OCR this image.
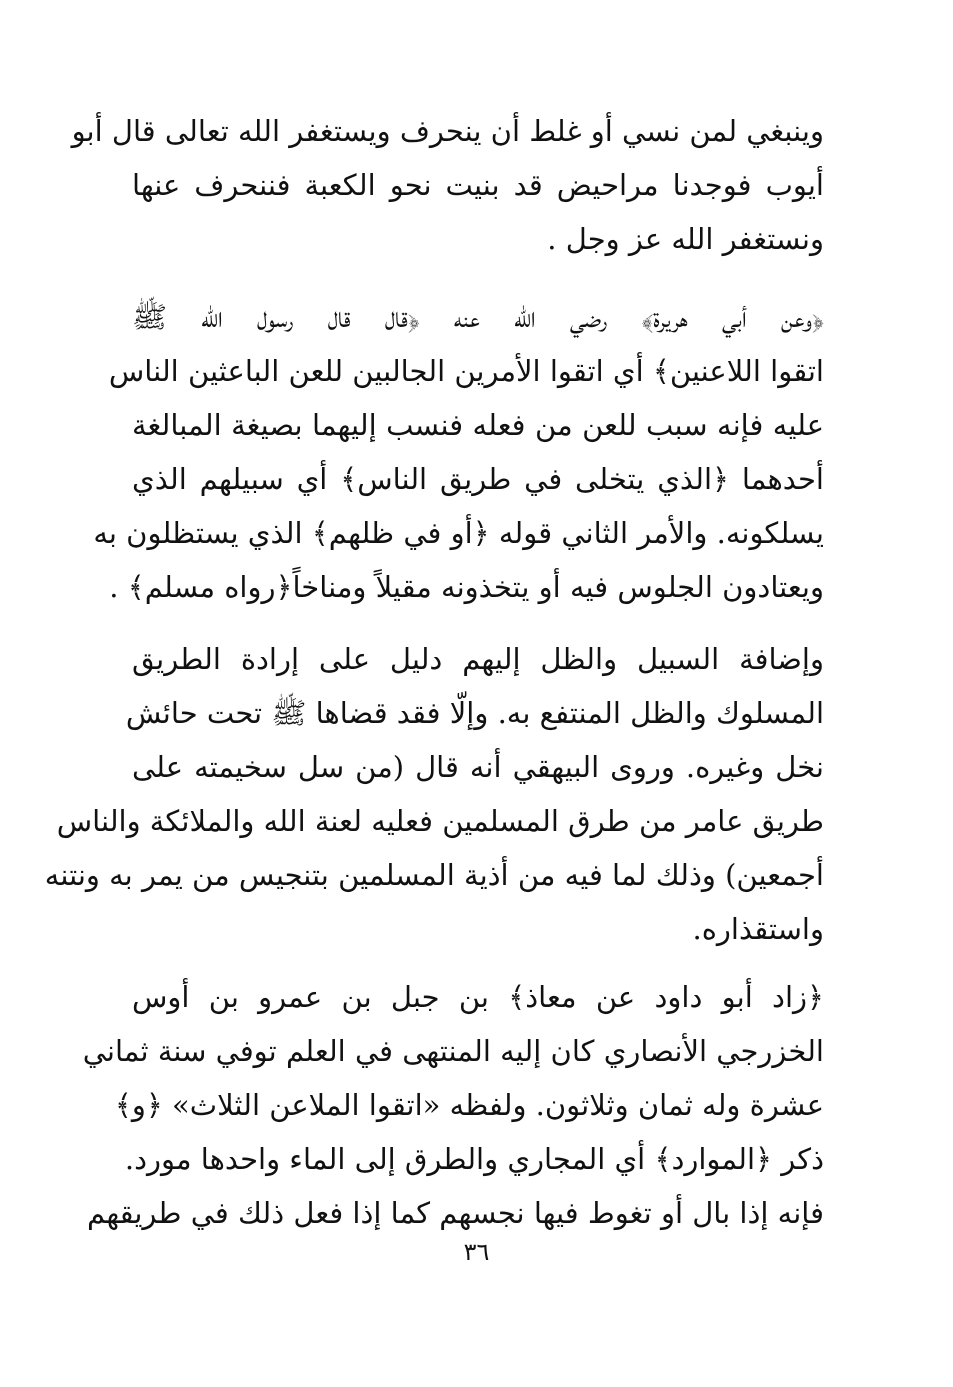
وينبغي لمن نسي أو غلط أن ينحرف ويستغفر الله تعالى قال أبو
أيوب فوجدنا مراحيض قد بنيت نحو الكعبة فننحرف عنها
ونستغفر الله عز وجل .

﴿وعن أبي هريرة﴾ رضي الله عنه ﴿قال قال رسول الله ﷺ
اتقوا اللاعنين﴾ أي اتقوا الأمرين الجالبين للعن الباعثين الناس
عليه فإنه سبب للعن من فعله فنسب إليهما بصيغة المبالغة
أحدهما ﴿الذي يتخلى في طريق الناس﴾ أي سبيلهم الذي
يسلكونه. والأمر الثاني قوله ﴿أو في ظلهم﴾ الذي يستظلون به
ويعتادون الجلوس فيه أو يتخذونه مقيلاً ومناخاً﴿رواه مسلم﴾ .

وإضافة السبيل والظل إليهم دليل على إرادة الطريق
المسلوك والظل المنتفع به. وإلّا فقد قضاها ﷺ تحت حائش
نخل وغيره. وروى البيهقي أنه قال (من سل سخيمته على
طريق عامر من طرق المسلمين فعليه لعنة الله والملائكة والناس
أجمعين) وذلك لما فيه من أذية المسلمين بتنجيس من يمر به ونتنه
واستقذاره.

﴿زاد أبو داود عن معاذ﴾ بن جبل بن عمرو بن أوس
الخزرجي الأنصاري كان إليه المنتهى في العلم توفي سنة ثماني
عشرة وله ثمان وثلاثون. ولفظه «اتقوا الملاعن الثلاث» ﴿و﴾
ذكر ﴿الموارد﴾ أي المجاري والطرق إلى الماء واحدها مورد.
فإنه إذا بال أو تغوط فيها نجسهم كما إذا فعل ذلك في طريقهم

٣٦
